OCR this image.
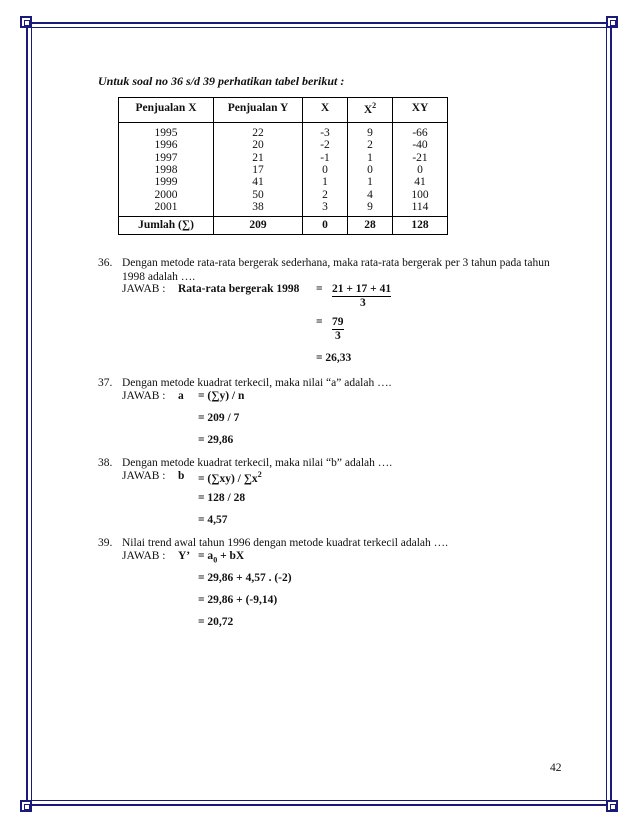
Untuk soal no 36 s/d 39 perhatikan tabel berikut :
Penjualan X	Penjualan Y	X	$X^2$	XY
1995	22	-3	9	-66
1996	20	-2	2	-40
1997	21	-1	1	-21
1998	17	0	0	0
1999	41	1	1	41
2000	50	2	4	100
2001	38	3	9	114
Jumlah (∑)	209	0	28	128
36. Dengan metode rata-rata bergerak sederhana, maka rata-rata bergerak per 3 tahun pada tahun 1998 adalah ….
JAWAB : Rata-rata bergerak 1998 = 21 + 17 + 41
3
= 79
3
= 26,33
37. Dengan metode kuadrat terkecil, maka nilai “a” adalah ….
JAWAB : a = (∑y) / n
= 209 / 7
= 29,86
38. Dengan metode kuadrat terkecil, maka nilai “b” adalah ….
JAWAB : $b = (\sum xy) / \sum x^2$
= 128 / 28
= 4,57
39. Nilai trend awal tahun 1996 dengan metode kuadrat terkecil adalah ….
JAWAB : Y’ = $a_0$ + bX
= 29,86 + 4,57 . (-2)
= 29,86 + (-9,14)
= 20,72
42
